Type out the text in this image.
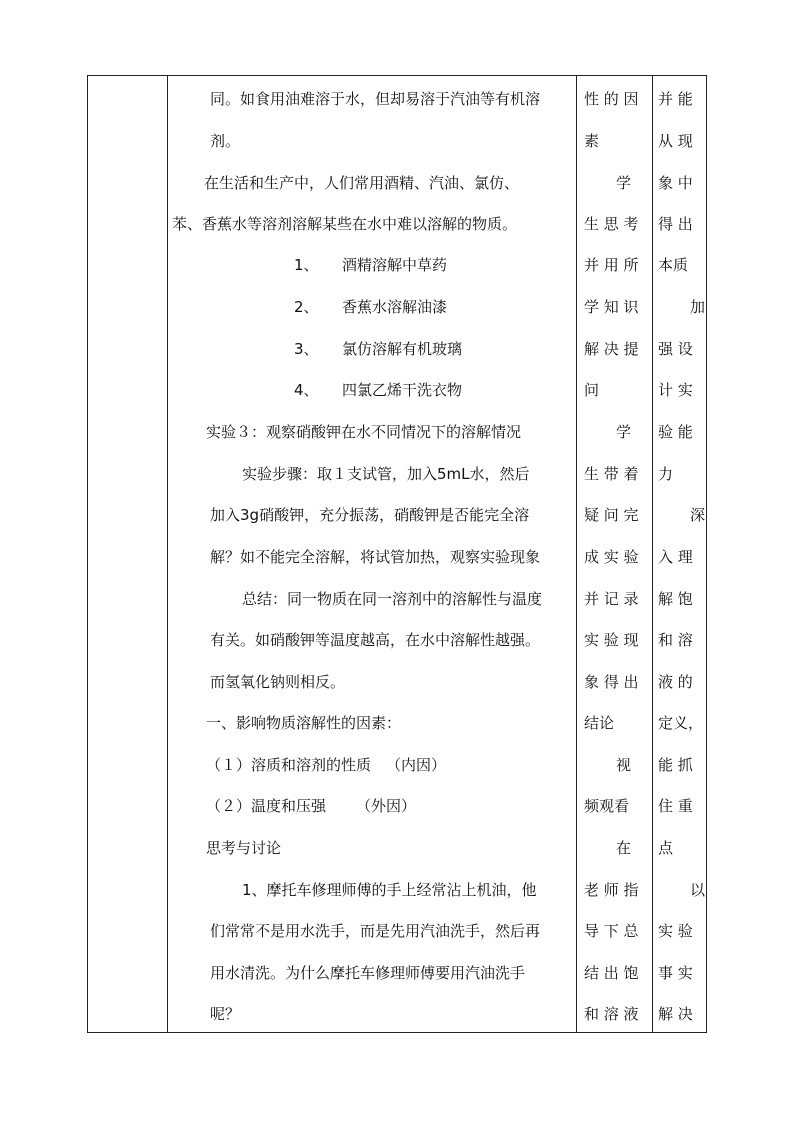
同。如食用油难溶于水，但却易溶于汽油等有机溶
剂。
在生活和生产中，人们常用酒精、汽油、氯仿、
苯、香蕉水等溶剂溶解某些在水中难以溶解的物质。
1、 酒精溶解中草药
2、 香蕉水溶解油漆
3、 氯仿溶解有机玻璃
4、 四氯乙烯干洗衣物
实验３：观察硝酸钾在水不同情况下的溶解情况
实验步骤：取１支试管，加入5mL水，然后
加入3g硝酸钾，充分振荡，硝酸钾是否能完全溶
解？如不能完全溶解，将试管加热，观察实验现象
总结：同一物质在同一溶剂中的溶解性与温度
有关。如硝酸钾等温度越高，在水中溶解性越强。
而氢氧化钠则相反。
一、影响物质溶解性的因素：
（１）溶质和溶剂的性质 （内因）
（２）温度和压强 （外因）
思考与讨论
1、摩托车修理师傅的手上经常沾上机油，他
们常常不是用水洗手，而是先用汽油洗手，然后再
用水清洗。为什么摩托车修理师傅要用汽油洗手
呢？
性 的 因
素
学
生 思 考
并 用 所
学 知 识
解 决 提
问
学
生 带 着
疑 问 完
成 实 验
并 记 录
实 验 现
象 得 出
结论
视
频观看
在
老 师 指
导 下 总
结 出 饱
和 溶 液
并 能
从 现
象 中
得 出
本质
加
强 设
计 实
验 能
力
深
入 理
解 饱
和 溶
液 的
定义，
能 抓
住 重
点
以
实 验
事 实
解 决
